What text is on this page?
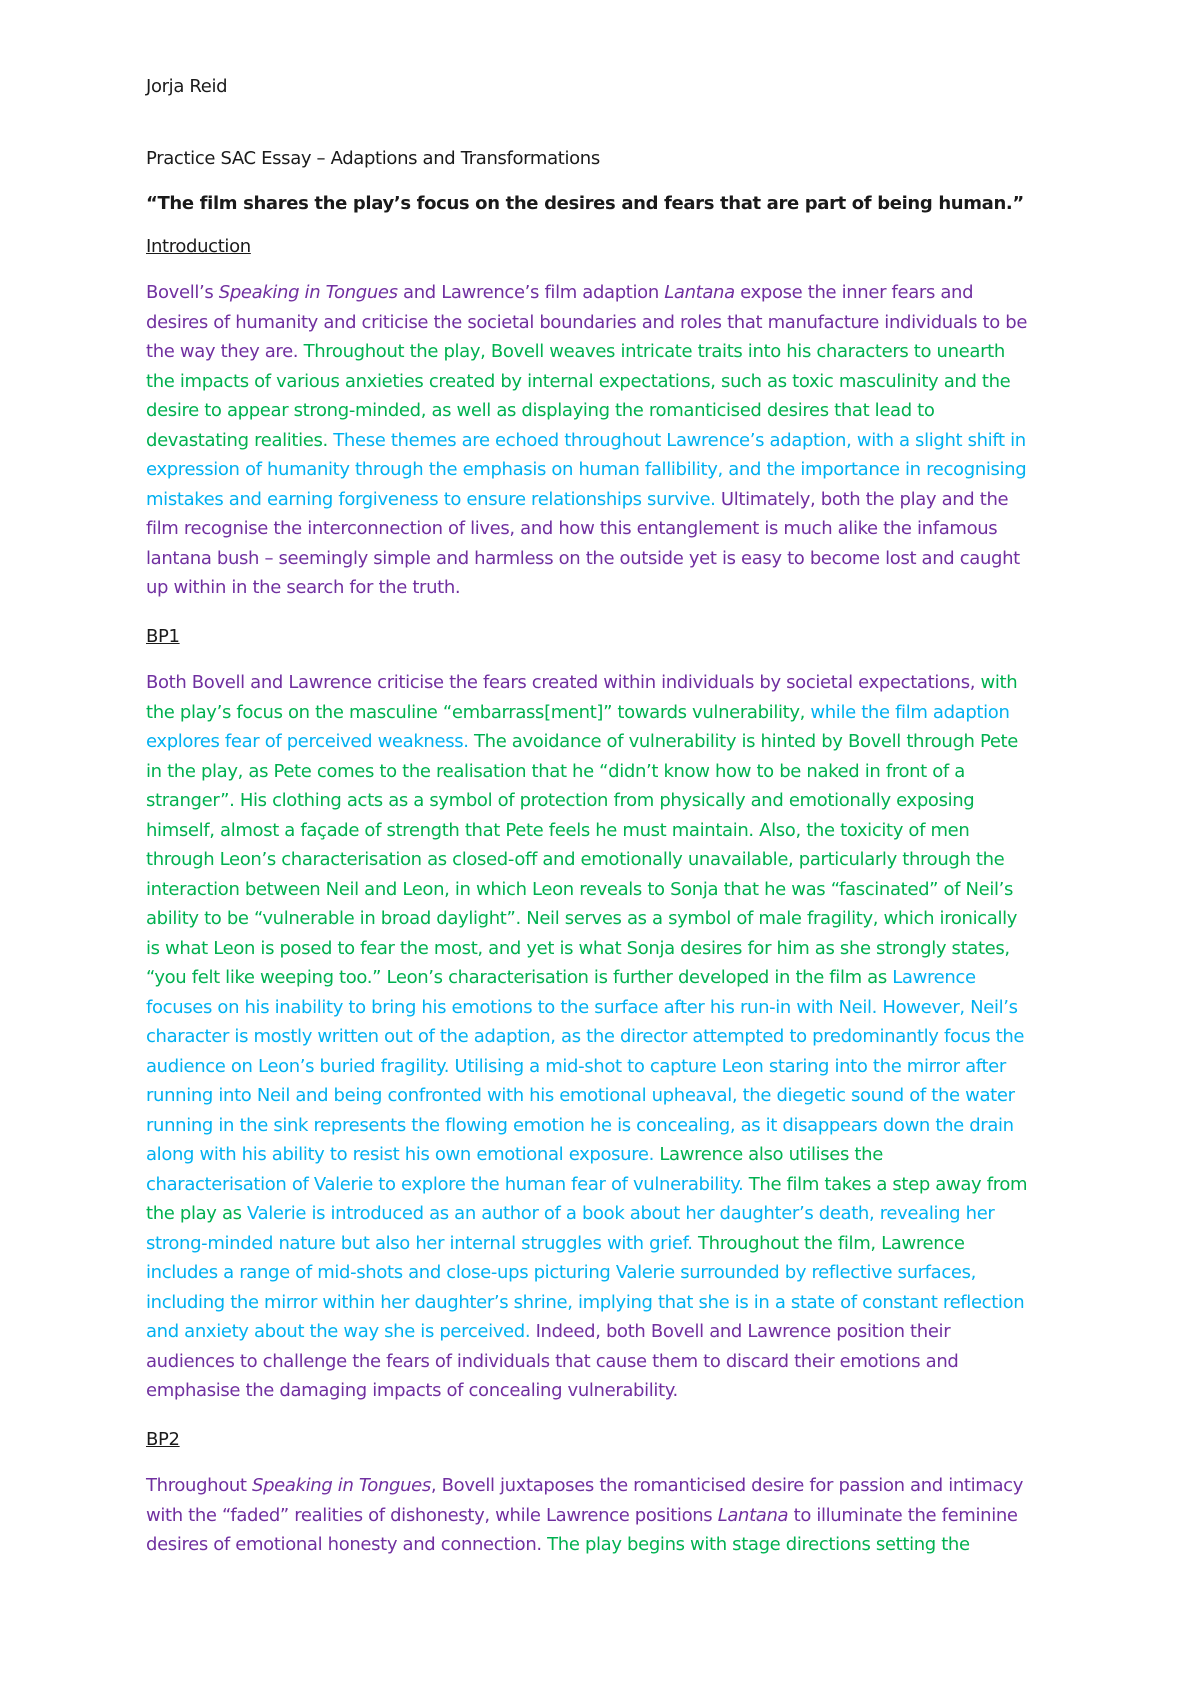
Jorja Reid
Practice SAC Essay – Adaptions and Transformations
“The film shares the play’s focus on the desires and fears that are part of being human.”
Introduction
Bovell’s Speaking in Tongues and Lawrence’s film adaption Lantana expose the inner fears and
desires of humanity and criticise the societal boundaries and roles that manufacture individuals to be
the way they are. Throughout the play, Bovell weaves intricate traits into his characters to unearth
the impacts of various anxieties created by internal expectations, such as toxic masculinity and the
desire to appear strong-minded, as well as displaying the romanticised desires that lead to
devastating realities. These themes are echoed throughout Lawrence’s adaption, with a slight shift in
expression of humanity through the emphasis on human fallibility, and the importance in recognising
mistakes and earning forgiveness to ensure relationships survive. Ultimately, both the play and the
film recognise the interconnection of lives, and how this entanglement is much alike the infamous
lantana bush – seemingly simple and harmless on the outside yet is easy to become lost and caught
up within in the search for the truth.
BP1
Both Bovell and Lawrence criticise the fears created within individuals by societal expectations, with
the play’s focus on the masculine “embarrass[ment]” towards vulnerability, while the film adaption
explores fear of perceived weakness. The avoidance of vulnerability is hinted by Bovell through Pete
in the play, as Pete comes to the realisation that he “didn’t know how to be naked in front of a
stranger”. His clothing acts as a symbol of protection from physically and emotionally exposing
himself, almost a façade of strength that Pete feels he must maintain. Also, the toxicity of men
through Leon’s characterisation as closed-off and emotionally unavailable, particularly through the
interaction between Neil and Leon, in which Leon reveals to Sonja that he was “fascinated” of Neil’s
ability to be “vulnerable in broad daylight”. Neil serves as a symbol of male fragility, which ironically
is what Leon is posed to fear the most, and yet is what Sonja desires for him as she strongly states,
“you felt like weeping too.” Leon’s characterisation is further developed in the film as Lawrence
focuses on his inability to bring his emotions to the surface after his run-in with Neil. However, Neil’s
character is mostly written out of the adaption, as the director attempted to predominantly focus the
audience on Leon’s buried fragility. Utilising a mid-shot to capture Leon staring into the mirror after
running into Neil and being confronted with his emotional upheaval, the diegetic sound of the water
running in the sink represents the flowing emotion he is concealing, as it disappears down the drain
along with his ability to resist his own emotional exposure. Lawrence also utilises the
characterisation of Valerie to explore the human fear of vulnerability. The film takes a step away from
the play as Valerie is introduced as an author of a book about her daughter’s death, revealing her
strong-minded nature but also her internal struggles with grief. Throughout the film, Lawrence
includes a range of mid-shots and close-ups picturing Valerie surrounded by reflective surfaces,
including the mirror within her daughter’s shrine, implying that she is in a state of constant reflection
and anxiety about the way she is perceived. Indeed, both Bovell and Lawrence position their
audiences to challenge the fears of individuals that cause them to discard their emotions and
emphasise the damaging impacts of concealing vulnerability.
BP2
Throughout Speaking in Tongues, Bovell juxtaposes the romanticised desire for passion and intimacy
with the “faded” realities of dishonesty, while Lawrence positions Lantana to illuminate the feminine
desires of emotional honesty and connection. The play begins with stage directions setting the
